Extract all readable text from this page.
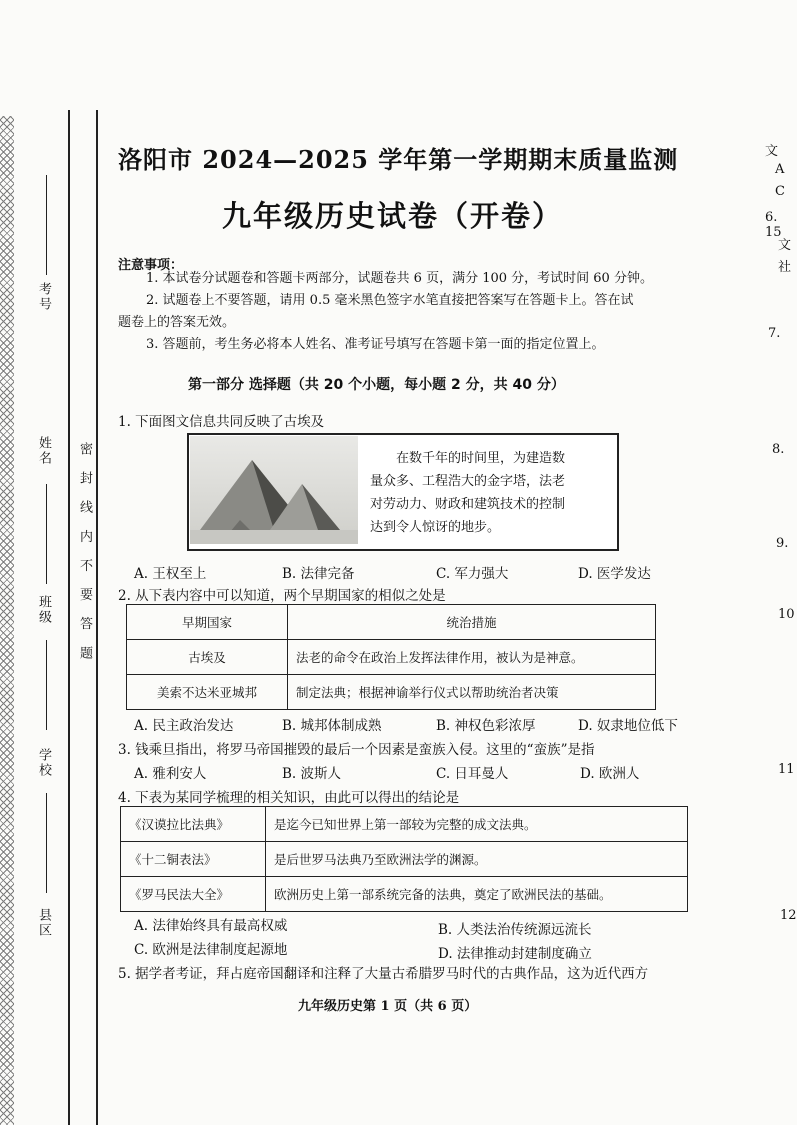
考号
姓名
班级
学校
县区
密 封 线 内 不 要 答 题
洛阳市 2024—2025 学年第一学期期末质量监测
九年级历史试卷（开卷）
注意事项：
1. 本试卷分试题卷和答题卡两部分，试题卷共 6 页，满分 100 分，考试时间 60 分钟。
2. 试题卷上不要答题，请用 0.5 毫米黑色签字水笔直接把答案写在答题卡上。答在试
题卷上的答案无效。
3. 答题前，考生务必将本人姓名、准考证号填写在答题卡第一面的指定位置上。
第一部分 选择题（共 20 个小题，每小题 2 分，共 40 分）
1. 下面图文信息共同反映了古埃及
在数千年的时间里，为建造数
量众多、工程浩大的金字塔，法老
对劳动力、财政和建筑技术的控制
达到令人惊讶的地步。
A. 王权至上	B. 法律完备	C. 军力强大	D. 医学发达
2. 从下表内容中可以知道，两个早期国家的相似之处是
早期国家	统治措施
古埃及	法老的命令在政治上发挥法律作用，被认为是神意。
美索不达米亚城邦	制定法典；根据神谕举行仪式以帮助统治者决策
A. 民主政治发达	B. 城邦体制成熟	B. 神权色彩浓厚	D. 奴隶地位低下
3. 钱乘旦指出，将罗马帝国摧毁的最后一个因素是蛮族入侵。这里的“蛮族”是指
A. 雅利安人	B. 波斯人	C. 日耳曼人	D. 欧洲人
4. 下表为某同学梳理的相关知识，由此可以得出的结论是
《汉谟拉比法典》	是迄今已知世界上第一部较为完整的成文法典。
《十二铜表法》	是后世罗马法典乃至欧洲法学的渊源。
《罗马民法大全》	欧洲历史上第一部系统完备的法典，奠定了欧洲民法的基础。
A. 法律始终具有最高权威	B. 人类法治传统源远流长
C. 欧洲是法律制度起源地	D. 法律推动封建制度确立
5. 据学者考证，拜占庭帝国翻译和注释了大量古希腊罗马时代的古典作品，这为近代西方
九年级历史第 1 页（共 6 页）
文
A
C
6. 15
文
社
7.
8.
9.
10
11
12
